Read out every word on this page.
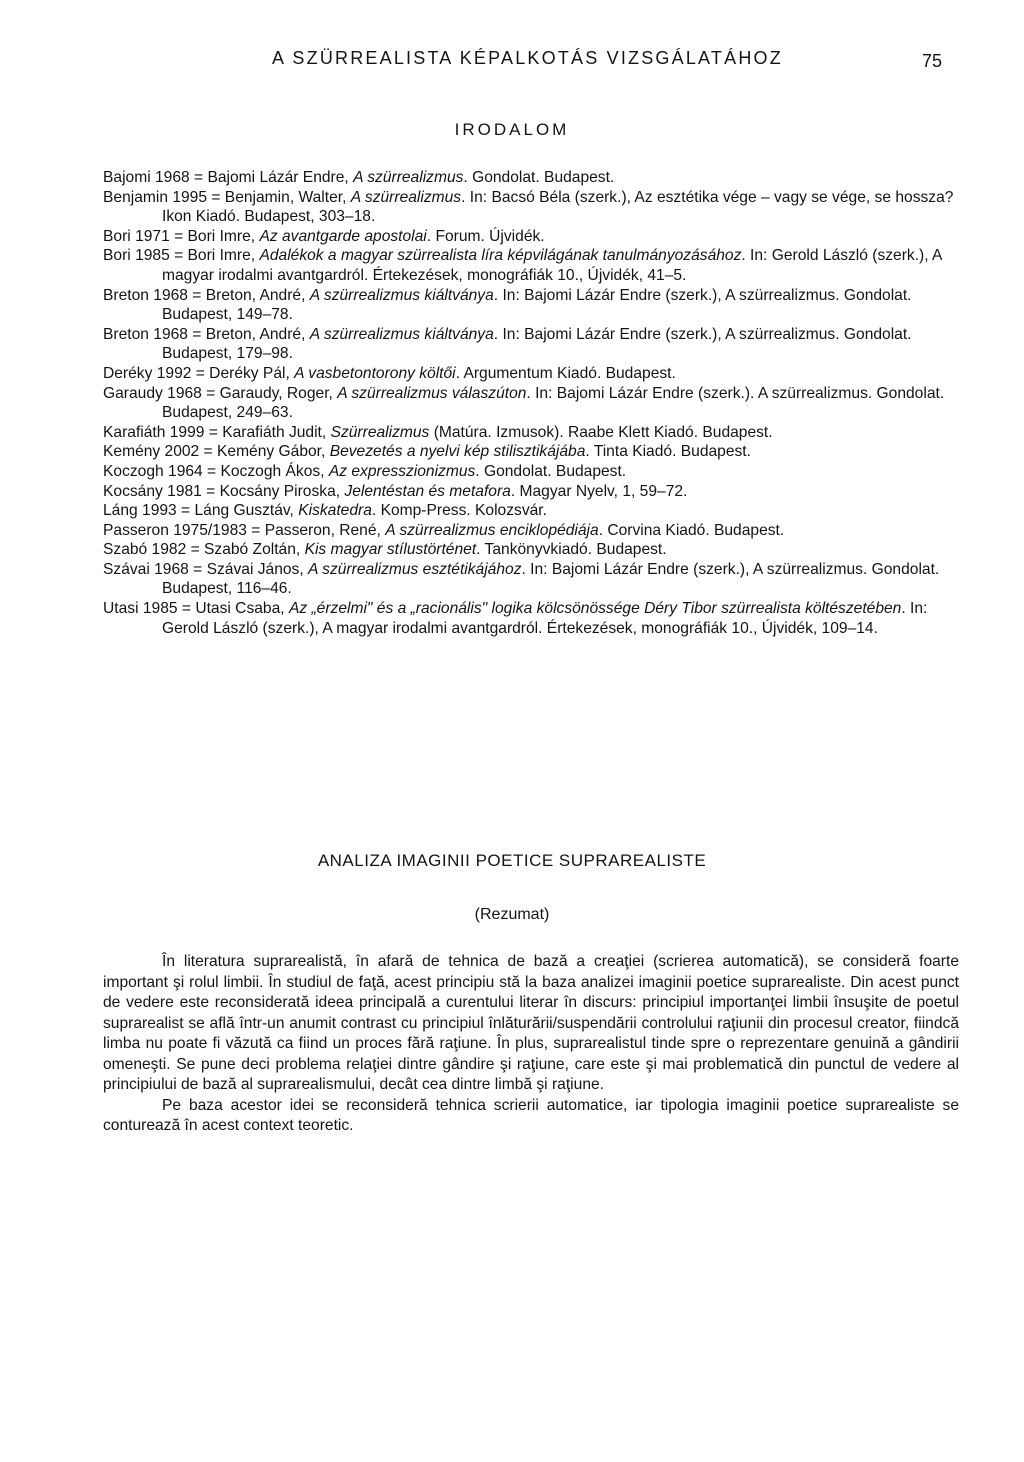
A SZÜRREALISTA KÉPALKOTÁS VIZSGÁLATÁHOZ	75
IRODALOM

Bajomi 1968 = Bajomi Lázár Endre, A szürrealizmus. Gondolat. Budapest.

Benjamin 1995 = Benjamin, Walter, A szürrealizmus. In: Bacsó Béla (szerk.), Az esztétika vége – vagy se vége, se hossza? Ikon Kiadó. Budapest, 303–18.

Bori 1971 = Bori Imre, Az avantgarde apostolai. Forum. Újvidék.

Bori 1985 = Bori Imre, Adalékok a magyar szürrealista líra képvilágának tanulmányozásához. In: Gerold László (szerk.), A magyar irodalmi avantgardról. Értekezések, monográfiák 10., Újvidék, 41–5.

Breton 1968 = Breton, André, A szürrealizmus kiáltványa. In: Bajomi Lázár Endre (szerk.), A szürrealizmus. Gondolat. Budapest, 149–78.

Breton 1968 = Breton, André, A szürrealizmus kiáltványa. In: Bajomi Lázár Endre (szerk.), A szürrealizmus. Gondolat. Budapest, 179–98.

Deréky 1992 = Deréky Pál, A vasbetontorony költői. Argumentum Kiadó. Budapest.

Garaudy 1968 = Garaudy, Roger, A szürrealizmus válaszúton. In: Bajomi Lázár Endre (szerk.). A szürrealizmus. Gondolat. Budapest, 249–63.

Karafiáth 1999 = Karafiáth Judit, Szürrealizmus (Matúra. Izmusok). Raabe Klett Kiadó. Budapest.

Kemény 2002 = Kemény Gábor, Bevezetés a nyelvi kép stilisztikájába. Tinta Kiadó. Budapest.

Koczogh 1964 = Koczogh Ákos, Az expresszionizmus. Gondolat. Budapest.

Kocsány 1981 = Kocsány Piroska, Jelentéstan és metafora. Magyar Nyelv, 1, 59–72.

Láng 1993 = Láng Gusztáv, Kiskatedra. Komp-Press. Kolozsvár.

Passeron 1975/1983 = Passeron, René, A szürrealizmus enciklopédiája. Corvina Kiadó. Budapest.

Szabó 1982 = Szabó Zoltán, Kis magyar stílustörténet. Tankönyvkiadó. Budapest.

Szávai 1968 = Szávai János, A szürrealizmus esztétikájához. In: Bajomi Lázár Endre (szerk.), A szürrealizmus. Gondolat. Budapest, 116–46.

Utasi 1985 = Utasi Csaba, Az „érzelmi" és a „racionális" logika kölcsönössége Déry Tibor szürrealista költészetében. In: Gerold László (szerk.), A magyar irodalmi avantgardról. Értekezések, monográfiák 10., Újvidék, 109–14.

ANALIZA IMAGINII POETICE SUPRAREALISTE
(Rezumat)

În literatura suprarealistă, în afară de tehnica de bază a creaţiei (scrierea automatică), se consideră foarte important şi rolul limbii. În studiul de faţă, acest principiu stă la baza analizei imaginii poetice suprarealiste. Din acest punct de vedere este reconsiderată ideea principală a curentului literar în discurs: principiul importanţei limbii însuşite de poetul suprarealist se află într-un anumit contrast cu principiul înlăturării/suspendării controlului raţiunii din procesul creator, fiindcă limba nu poate fi văzută ca fiind un proces fără raţiune. În plus, suprarealistul tinde spre o reprezentare genuină a gândirii omeneşti. Se pune deci problema relaţiei dintre gândire şi raţiune, care este şi mai problematică din punctul de vedere al principiului de bază al suprarealismului, decât cea dintre limbă şi raţiune.

Pe baza acestor idei se reconsideră tehnica scrierii automatice, iar tipologia imaginii poetice suprarealiste se conturează în acest context teoretic.
